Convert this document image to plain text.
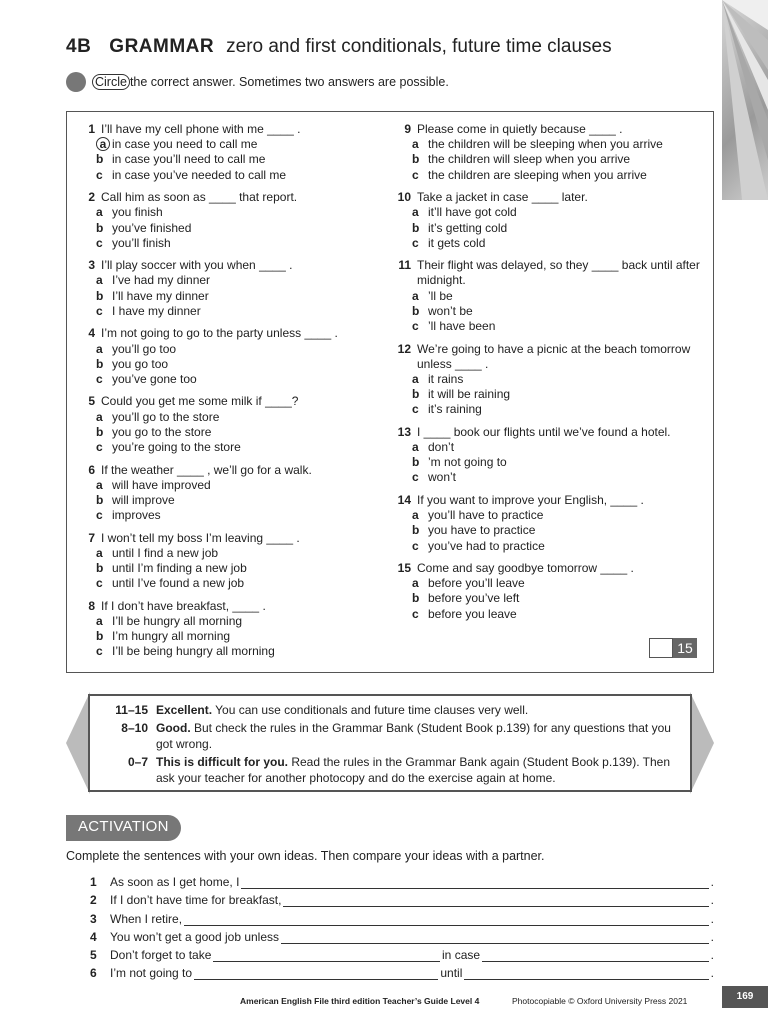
4B GRAMMAR zero and first conditionals, future time clauses
Circle the correct answer. Sometimes two answers are possible.
1 I’ll have my cell phone with me ____ .
a in case you need to call me
b in case you’ll need to call me
c in case you’ve needed to call me
2 Call him as soon as ____ that report.
a you finish
b you’ve finished
c you’ll finish
3 I’ll play soccer with you when ____ .
a I’ve had my dinner
b I’ll have my dinner
c I have my dinner
4 I’m not going to go to the party unless ____ .
a you’ll go too
b you go too
c you’ve gone too
5 Could you get me some milk if ____?
a you’ll go to the store
b you go to the store
c you’re going to the store
6 If the weather ____ , we’ll go for a walk.
a will have improved
b will improve
c improves
7 I won’t tell my boss I’m leaving ____ .
a until I find a new job
b until I’m finding a new job
c until I’ve found a new job
8 If I don’t have breakfast, ____ .
a I’ll be hungry all morning
b I’m hungry all morning
c I’ll be being hungry all morning
9 Please come in quietly because ____ .
a the children will be sleeping when you arrive
b the children will sleep when you arrive
c the children are sleeping when you arrive
10 Take a jacket in case ____ later.
a it’ll have got cold
b it’s getting cold
c it gets cold
11 Their flight was delayed, so they ____ back until after midnight.
a ’ll be
b won’t be
c ’ll have been
12 We’re going to have a picnic at the beach tomorrow unless ____ .
a it rains
b it will be raining
c it’s raining
13 I ____ book our flights until we’ve found a hotel.
a don’t
b ’m not going to
c won’t
14 If you want to improve your English, ____ .
a you’ll have to practice
b you have to practice
c you’ve had to practice
15 Come and say goodbye tomorrow ____ .
a before you’ll leave
b before you’ve left
c before you leave
15
11–15 Excellent. You can use conditionals and future time clauses very well.
8–10 Good. But check the rules in the Grammar Bank (Student Book p.139) for any questions that you got wrong.
0–7 This is difficult for you. Read the rules in the Grammar Bank again (Student Book p.139). Then ask your teacher for another photocopy and do the exercise again at home.
ACTIVATION
Complete the sentences with your own ideas. Then compare your ideas with a partner.
1	As soon as I get home, I	.
2	If I don’t have time for breakfast,	.
3	When I retire,	.
4	You won’t get a good job unless	.
5	Don’t forget to take	in case	.
6	I’m not going to	until	.
American English File third edition Teacher’s Guide Level 4	Photocopiable © Oxford University Press 2021	169
